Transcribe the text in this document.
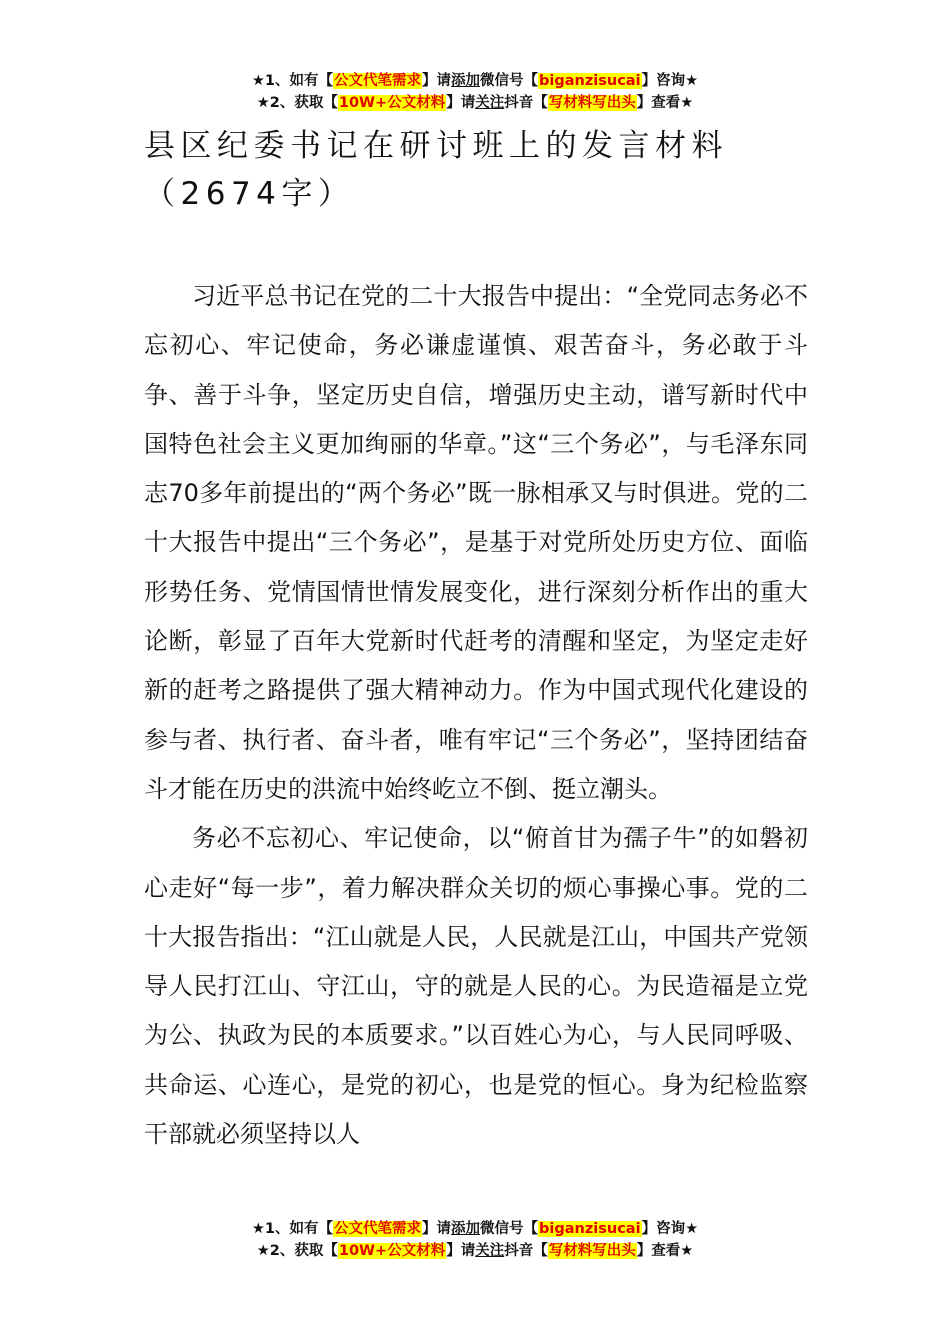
★1、如有【公文代笔需求】请添加微信号【biganzisucai】咨询★
★2、获取【10W+公文材料】请关注抖音【写材料写出头】查看★
县区纪委书记在研讨班上的发言材料（2674字）

习近平总书记在党的二十大报告中提出：“全党同志务必不忘初心、牢记使命，务必谦虚谨慎、艰苦奋斗，务必敢于斗争、善于斗争，坚定历史自信，增强历史主动，谱写新时代中国特色社会主义更加绚丽的华章。”这“三个务必”，与毛泽东同志70多年前提出的“两个务必”既一脉相承又与时俱进。党的二十大报告中提出“三个务必”，是基于对党所处历史方位、面临形势任务、党情国情世情发展变化，进行深刻分析作出的重大论断，彰显了百年大党新时代赶考的清醒和坚定，为坚定走好新的赶考之路提供了强大精神动力。作为中国式现代化建设的参与者、执行者、奋斗者，唯有牢记“三个务必”，坚持团结奋斗才能在历史的洪流中始终屹立不倒、挺立潮头。

务必不忘初心、牢记使命，以“俯首甘为孺子牛”的如磐初心走好“每一步”，着力解决群众关切的烦心事操心事。党的二十大报告指出：“江山就是人民，人民就是江山，中国共产党领导人民打江山、守江山，守的就是人民的心。为民造福是立党为公、执政为民的本质要求。”以百姓心为心，与人民同呼吸、共命运、心连心，是党的初心，也是党的恒心。身为纪检监察干部就必须坚持以人

★1、如有【公文代笔需求】请添加微信号【biganzisucai】咨询★
★2、获取【10W+公文材料】请关注抖音【写材料写出头】查看★
